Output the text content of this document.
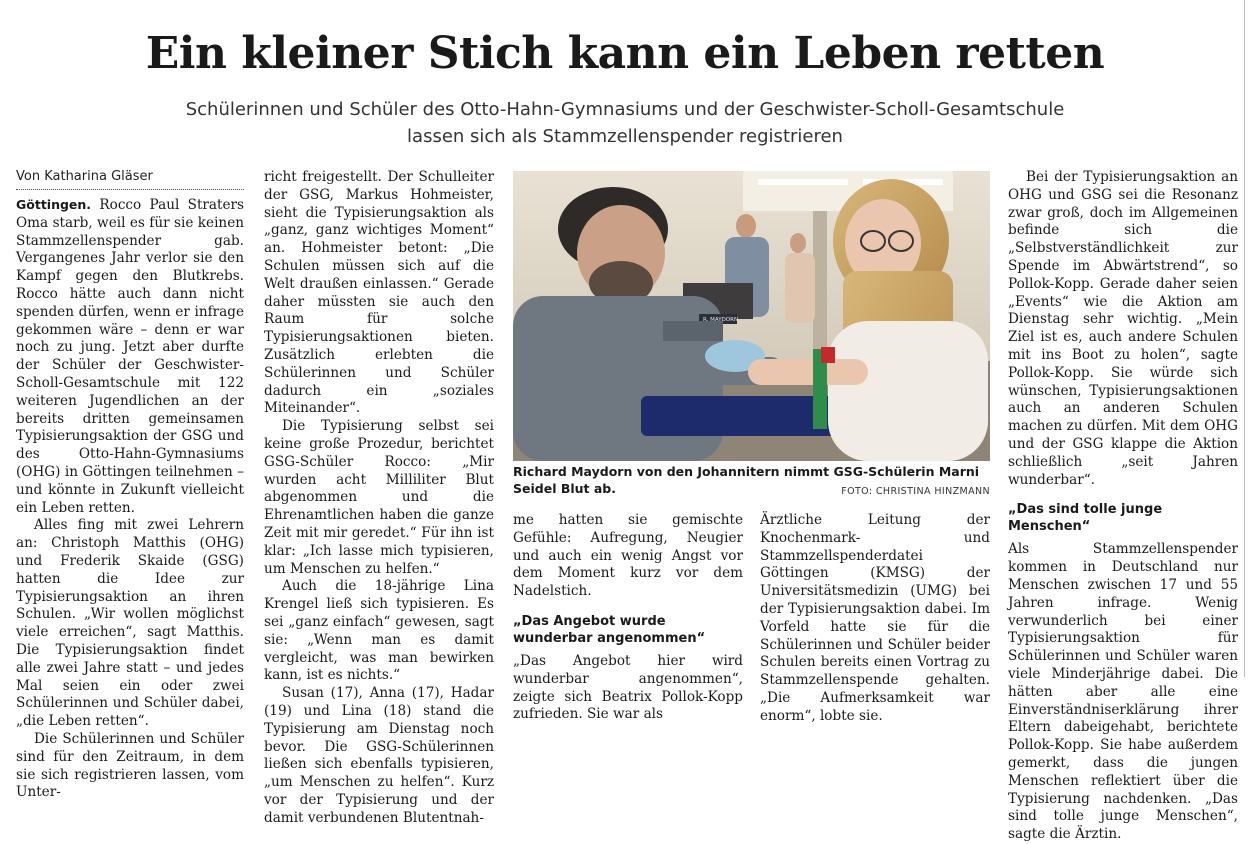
Ein kleiner Stich kann ein Leben retten
Schülerinnen und Schüler des Otto-Hahn-Gymnasiums und der Geschwister-Scholl-Gesamtschule
lassen sich als Stammzellenspender registrieren
Von Katharina Gläser

Göttingen. Rocco Paul Straters Oma starb, weil es für sie keinen Stammzellenspender gab. Vergangenes Jahr verlor sie den Kampf gegen den Blutkrebs. Rocco hätte auch dann nicht spenden dürfen, wenn er infrage gekommen wäre – denn er war noch zu jung. Jetzt aber durfte der Schüler der Geschwister-Scholl-Gesamtschule mit 122 weiteren Jugendlichen an der bereits dritten gemeinsamen Typisierungsaktion der GSG und des Otto-Hahn-Gymnasiums (OHG) in Göttingen teilnehmen – und könnte in Zukunft vielleicht ein Leben retten.

Alles fing mit zwei Lehrern an: Christoph Matthis (OHG) und Frederik Skaide (GSG) hatten die Idee zur Typisierungsaktion an ihren Schulen. „Wir wollen möglichst viele erreichen“, sagt Matthis. Die Typisierungsaktion findet alle zwei Jahre statt – und jedes Mal seien ein oder zwei Schülerinnen und Schüler dabei, „die Leben retten“.

Die Schülerinnen und Schüler sind für den Zeitraum, in dem sie sich registrieren lassen, vom Unter-

richt freigestellt. Der Schulleiter der GSG, Markus Hohmeister, sieht die Typisierungsaktion als „ganz, ganz wichtiges Moment“ an. Hohmeister betont: „Die Schulen müssen sich auf die Welt draußen einlassen.“ Gerade daher müssten sie auch den Raum für solche Typisierungsaktionen bieten. Zusätzlich erlebten die Schülerinnen und Schüler dadurch ein „soziales Miteinander“.

Die Typisierung selbst sei keine große Prozedur, berichtet GSG-Schüler Rocco: „Mir wurden acht Milliliter Blut abgenommen und die Ehrenamtlichen haben die ganze Zeit mit mir geredet.“ Für ihn ist klar: „Ich lasse mich typisieren, um Menschen zu helfen.“

Auch die 18-jährige Lina Krengel ließ sich typisieren. Es sei „ganz einfach“ gewesen, sagt sie: „Wenn man es damit vergleicht, was man bewirken kann, ist es nichts.“

Susan (17), Anna (17), Hadar (19) und Lina (18) stand die Typisierung am Dienstag noch bevor. Die GSG-Schülerinnen ließen sich ebenfalls typisieren, „um Menschen zu helfen“. Kurz vor der Typisierung und der damit verbundenen Blutentnah-

R. MAYDORN
Richard Maydorn von den Johannitern nimmt GSG-Schülerin Marni Seidel Blut ab.	FOTO: CHRISTINA HINZMANN

me hatten sie gemischte Gefühle: Aufregung, Neugier und auch ein wenig Angst vor dem Moment kurz vor dem Nadelstich.

„Das Angebot wurde wunderbar angenommen“

„Das Angebot hier wird wunderbar angenommen“, zeigte sich Beatrix Pollok-Kopp zufrieden. Sie war als

Ärztliche Leitung der Knochenmark- und Stammzellspenderdatei Göttingen (KMSG) der Universitätsmedizin (UMG) bei der Typisierungsaktion dabei. Im Vorfeld hatte sie für die Schülerinnen und Schüler beider Schulen bereits einen Vortrag zu Stammzellenspende gehalten. „Die Aufmerksamkeit war enorm“, lobte sie.

Bei der Typisierungsaktion an OHG und GSG sei die Resonanz zwar groß, doch im Allgemeinen befinde sich die „Selbstverständlichkeit zur Spende im Abwärtstrend“, so Pollok-Kopp. Gerade daher seien „Events“ wie die Aktion am Dienstag sehr wichtig. „Mein Ziel ist es, auch andere Schulen mit ins Boot zu holen“, sagte Pollok-Kopp. Sie würde sich wünschen, Typisierungsaktionen auch an anderen Schulen machen zu dürfen. Mit dem OHG und der GSG klappe die Aktion schließlich „seit Jahren wunderbar“.

„Das sind tolle junge Menschen“

Als Stammzellenspender kommen in Deutschland nur Menschen zwischen 17 und 55 Jahren infrage. Wenig verwunderlich bei einer Typisierungsaktion für Schülerinnen und Schüler waren viele Minderjährige dabei. Die hätten aber alle eine Einverständniserklärung ihrer Eltern dabeigehabt, berichtete Pollok-Kopp. Sie habe außerdem gemerkt, dass die jungen Menschen reflektiert über die Typisierung nachdenken. „Das sind tolle junge Menschen“, sagte die Ärztin.
